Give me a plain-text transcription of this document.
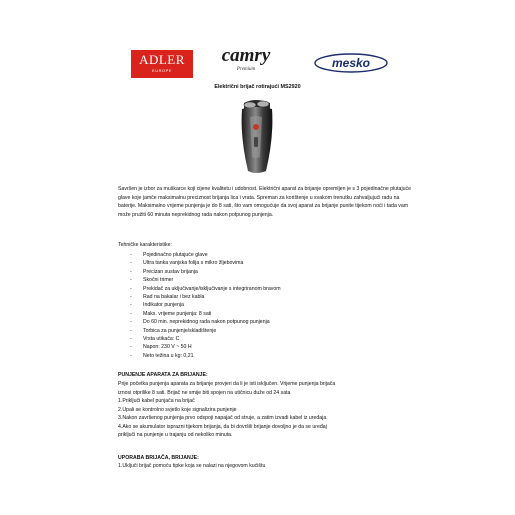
ADLER
EUROPE
camry
Premium	mesko
Električni brijač rotirajući MS2920

Savršen je izbor za muškarce koji cijene kvalitetu i udobnost. Električni aparat za brijanje opremljen je s 3 pojedinačne plutajuće glave koje jamče maksimalnu preciznost brijanja lica i vrata. Spreman za korištenje u svakom trenutku zahvaljujući radu na baterije. Maksimalno vrijeme punjenja je do 8 sati, što vam omogućuje da svoj aparat za brijanje punite tijekom noći i tada vam može pružiti 60 minuta neprekidnog rada nakon potpunog punjenja.

Tehničke karakteristike:
- Pojedinačno plutajuće glave
- Ultra tanka vanjska folija s mikro žljebovima
- Precizan sustav brijanja
- Skočni trimer
- Prekidač za uključivanje/isključivanje s integriranom bravom
- Rad na bakalar i bez kabla
- Indikator punjenja
- Maks. vrijeme punjenja: 8 sati
- Do 60 min. neprekidnog rada nakon potpunog punjenja
- Torbica za punjenje/skladištenje
- Vrsta utikača: C
- Napon: 230 V ~ 50 H
- Neto težina u kg: 0,21
PUNJENJE APARATA ZA BRIJANJE:
Prije početka punjenja aparata za brijanje provjeri da li je isti isključen. Vrijeme punjenja brijača
iznosi otprilike 8 sati. Brijač ne smije biti spojen na utičnicu duže od 24 sata
1.Priključi kabel punjača na brijač
2.Upali se kontrolno svjetlo koje signalizira punjenje
3.Nakon završenog punjenja prvo odspoji napajač od struje, a zatim izvadi kabel iz uređaja.
4.Ako se akumulator isprazni tijekom brijanja, da bi dovršili brijanje dovoljno je da se uređaj
priključi na punjenje u trajanju od nekoliko minuta.
UPORABA BRIJAČA, BRIJANJE:
1.Uključi brijač pomoću tipke koja se nalazi na njegovom kućištu
